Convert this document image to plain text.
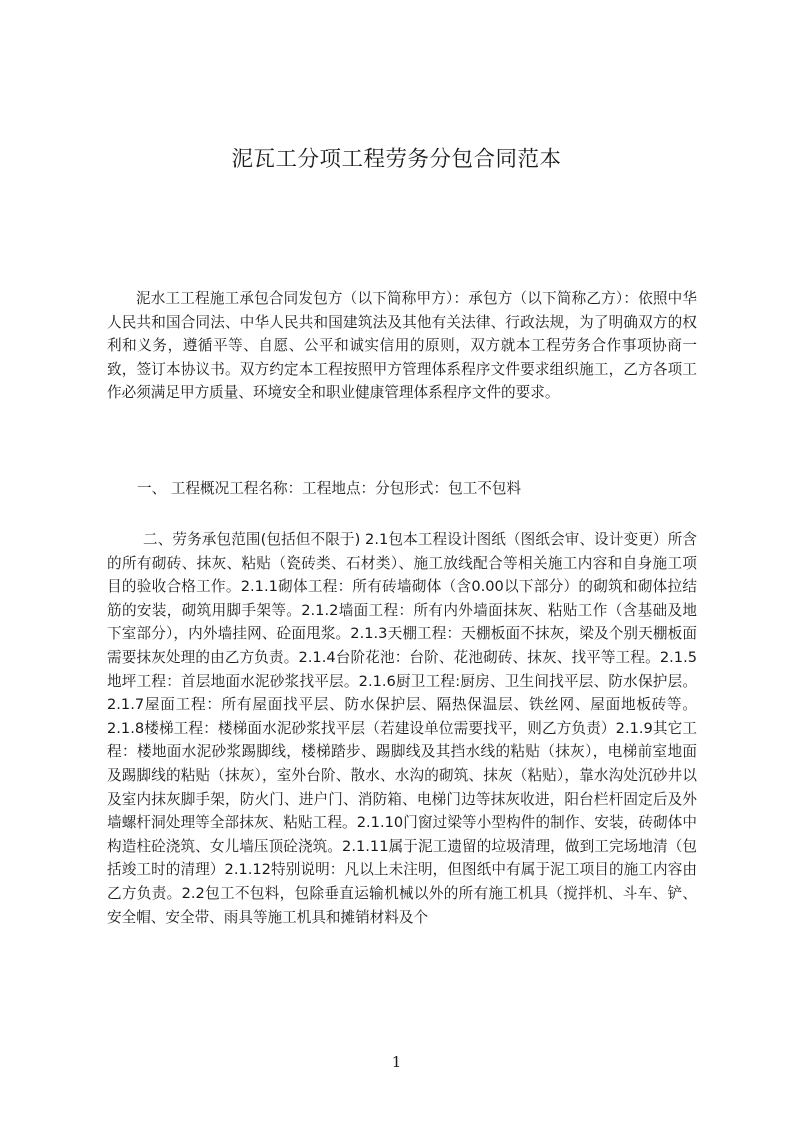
泥瓦工分项工程劳务分包合同范本

泥水工工程施工承包合同发包方（以下简称甲方）：承包方（以下简称乙方）：依照中华人民共和国合同法、中华人民共和国建筑法及其他有关法律、行政法规，为了明确双方的权利和义务，遵循平等、自愿、公平和诚实信用的原则，双方就本工程劳务合作事项协商一致，签订本协议书。双方约定本工程按照甲方管理体系程序文件要求组织施工，乙方各项工作必须满足甲方质量、环境安全和职业健康管理体系程序文件的要求。

一、 工程概况工程名称：工程地点：分包形式：包工不包料

二、劳务承包范围(包括但不限于) 2.1包本工程设计图纸（图纸会审、设计变更）所含的所有砌砖、抹灰、粘贴（瓷砖类、石材类）、施工放线配合等相关施工内容和自身施工项目的验收合格工作。2.1.1砌体工程：所有砖墙砌体（含0.00以下部分）的砌筑和砌体拉结筋的安装，砌筑用脚手架等。2.1.2墙面工程：所有内外墙面抹灰、粘贴工作（含基础及地下室部分），内外墙挂网、砼面甩浆。2.1.3天棚工程：天棚板面不抹灰，梁及个别天棚板面需要抹灰处理的由乙方负责。2.1.4台阶花池：台阶、花池砌砖、抹灰、找平等工程。2.1.5地坪工程：首层地面水泥砂浆找平层。2.1.6厨卫工程:厨房、卫生间找平层、防水保护层。 2.1.7屋面工程：所有屋面找平层、防水保护层、隔热保温层、铁丝网、屋面地板砖等。2.1.8楼梯工程：楼梯面水泥砂浆找平层（若建设单位需要找平，则乙方负责）2.1.9其它工程：楼地面水泥砂浆踢脚线，楼梯踏步、踢脚线及其挡水线的粘贴（抹灰），电梯前室地面及踢脚线的粘贴（抹灰），室外台阶、散水、水沟的砌筑、抹灰（粘贴），靠水沟处沉砂井以及室内抹灰脚手架，防火门、进户门、消防箱、电梯门边等抹灰收进，阳台栏杆固定后及外墙螺杆洞处理等全部抹灰、粘贴工程。2.1.10门窗过梁等小型构件的制作、安装，砖砌体中构造柱砼浇筑、女儿墙压顶砼浇筑。2.1.11属于泥工遗留的垃圾清理，做到工完场地清（包括竣工时的清理）2.1.12特别说明：凡以上未注明，但图纸中有属于泥工项目的施工内容由乙方负责。2.2包工不包料，包除垂直运输机械以外的所有施工机具（搅拌机、斗车、铲、安全帽、安全带、雨具等施工机具和摊销材料及个

1
